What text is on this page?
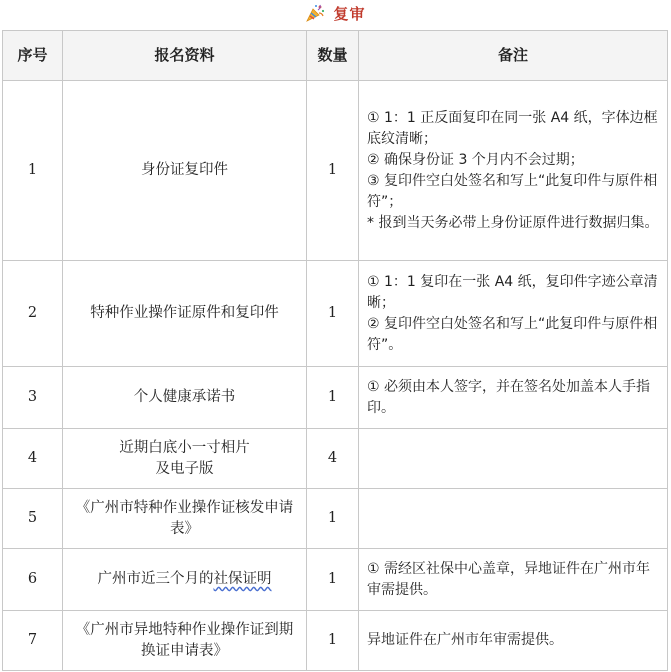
复审
序号	报名资料	数量	备注
1	身份证复印件	1	① 1：1 正反面复印在同一张 A4 纸，字体边框底纹清晰；
② 确保身份证 3 个月内不会过期；
③ 复印件空白处签名和写上“此复印件与原件相符”；
* 报到当天务必带上身份证原件进行数据归集。

2	特种作业操作证原件和复印件	1	① 1：1 复印在一张 A4 纸，复印件字迹公章清晰；
② 复印件空白处签名和写上“此复印件与原件相符”。

3	个人健康承诺书	1	① 必须由本人签字，并在签名处加盖本人手指印。

4	近期白底小一寸相片
及电子版	4	
5	《广州市特种作业操作证核发申请表》	1	
6	广州市近三个月的社保证明	1	① 需经区社保中心盖章，异地证件在广州市年审需提供。

7	《广州市异地特种作业操作证到期换证申请表》	1	异地证件在广州市年审需提供。
